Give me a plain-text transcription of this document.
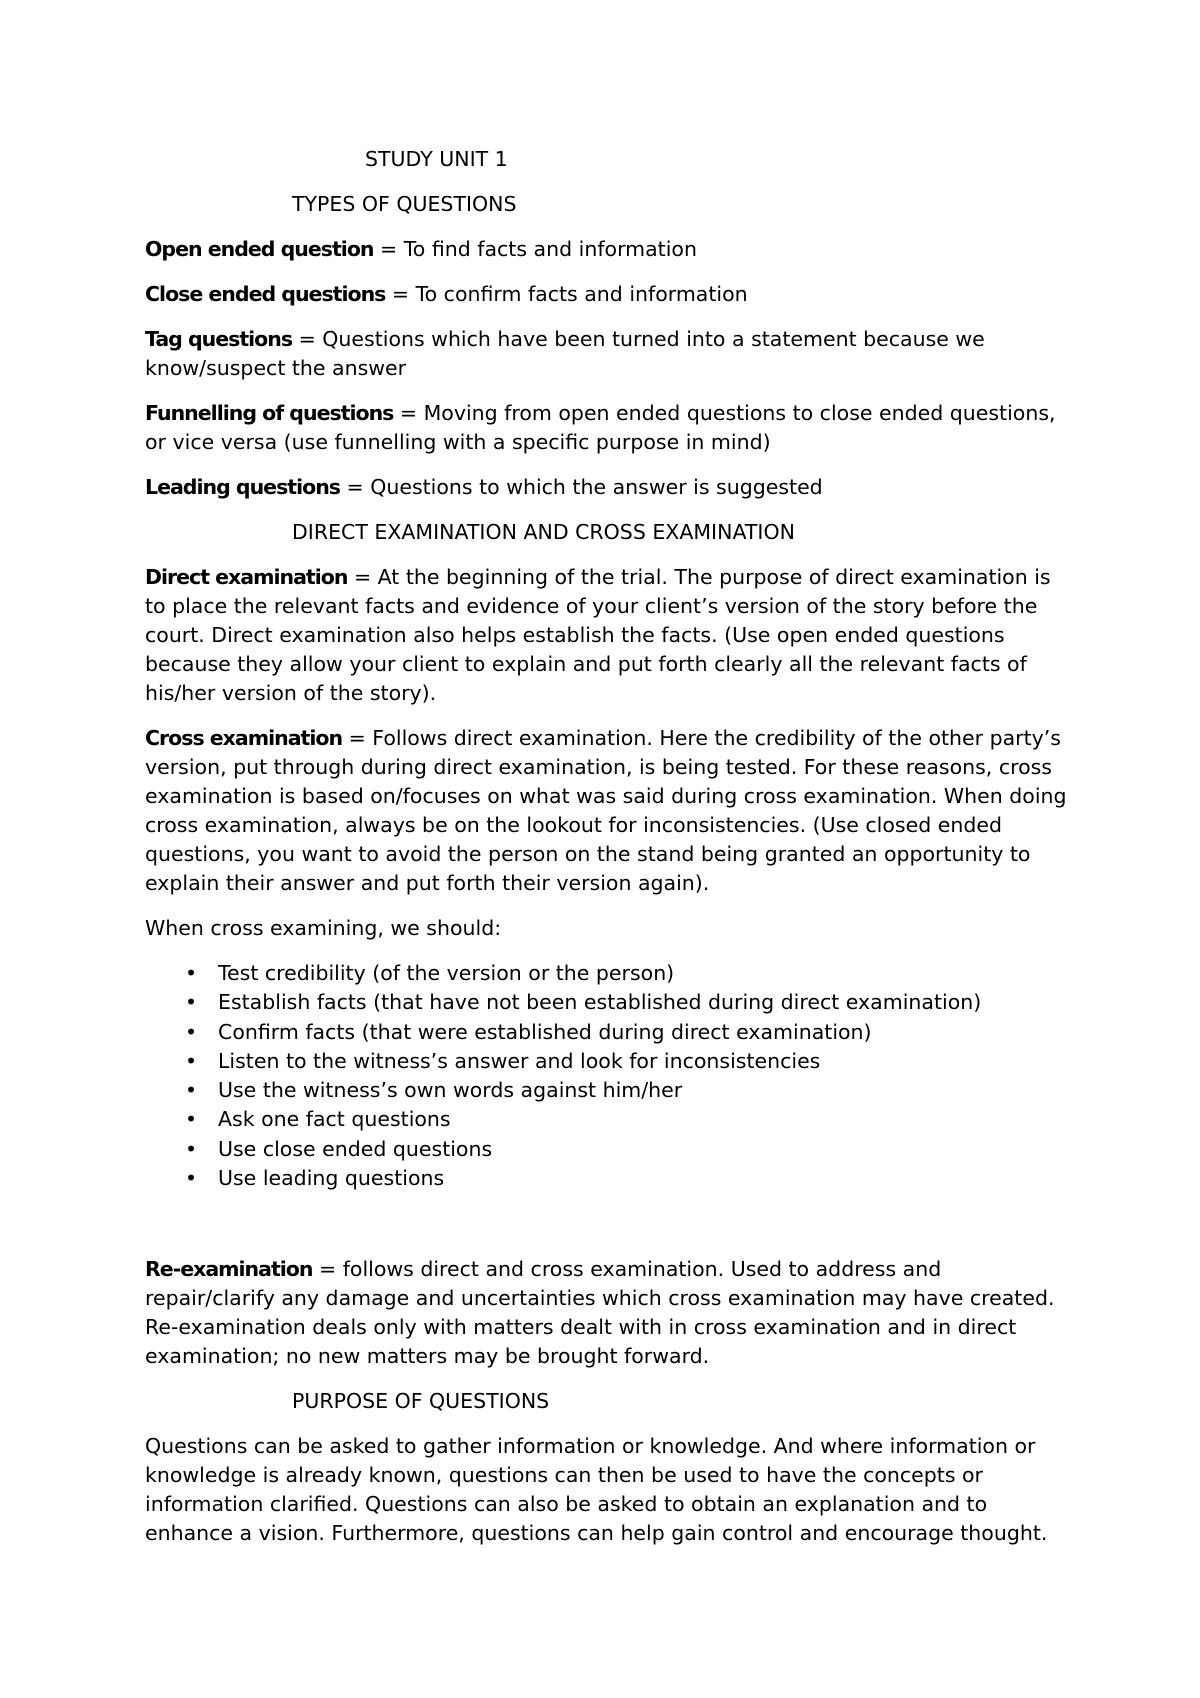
STUDY UNIT 1

TYPES OF QUESTIONS

Open ended question = To find facts and information

Close ended questions = To confirm facts and information

Tag questions = Questions which have been turned into a statement because we know/suspect the answer

Funnelling of questions = Moving from open ended questions to close ended questions, or vice versa (use funnelling with a specific purpose in mind)

Leading questions = Questions to which the answer is suggested

DIRECT EXAMINATION AND CROSS EXAMINATION

Direct examination = At the beginning of the trial. The purpose of direct examination is to place the relevant facts and evidence of your client’s version of the story before the court. Direct examination also helps establish the facts. (Use open ended questions because they allow your client to explain and put forth clearly all the relevant facts of his/her version of the story).

Cross examination = Follows direct examination. Here the credibility of the other party’s version, put through during direct examination, is being tested. For these reasons, cross examination is based on/focuses on what was said during cross examination. When doing cross examination, always be on the lookout for inconsistencies. (Use closed ended questions, you want to avoid the person on the stand being granted an opportunity to explain their answer and put forth their version again).

When cross examining, we should:

• Test credibility (of the version or the person)
• Establish facts (that have not been established during direct examination)
• Confirm facts (that were established during direct examination)
• Listen to the witness’s answer and look for inconsistencies
• Use the witness’s own words against him/her
• Ask one fact questions
• Use close ended questions
• Use leading questions

Re-examination = follows direct and cross examination. Used to address and repair/clarify any damage and uncertainties which cross examination may have created. Re-examination deals only with matters dealt with in cross examination and in direct examination; no new matters may be brought forward.

PURPOSE OF QUESTIONS

Questions can be asked to gather information or knowledge. And where information or knowledge is already known, questions can then be used to have the concepts or information clarified. Questions can also be asked to obtain an explanation and to enhance a vision. Furthermore, questions can help gain control and encourage thought.
